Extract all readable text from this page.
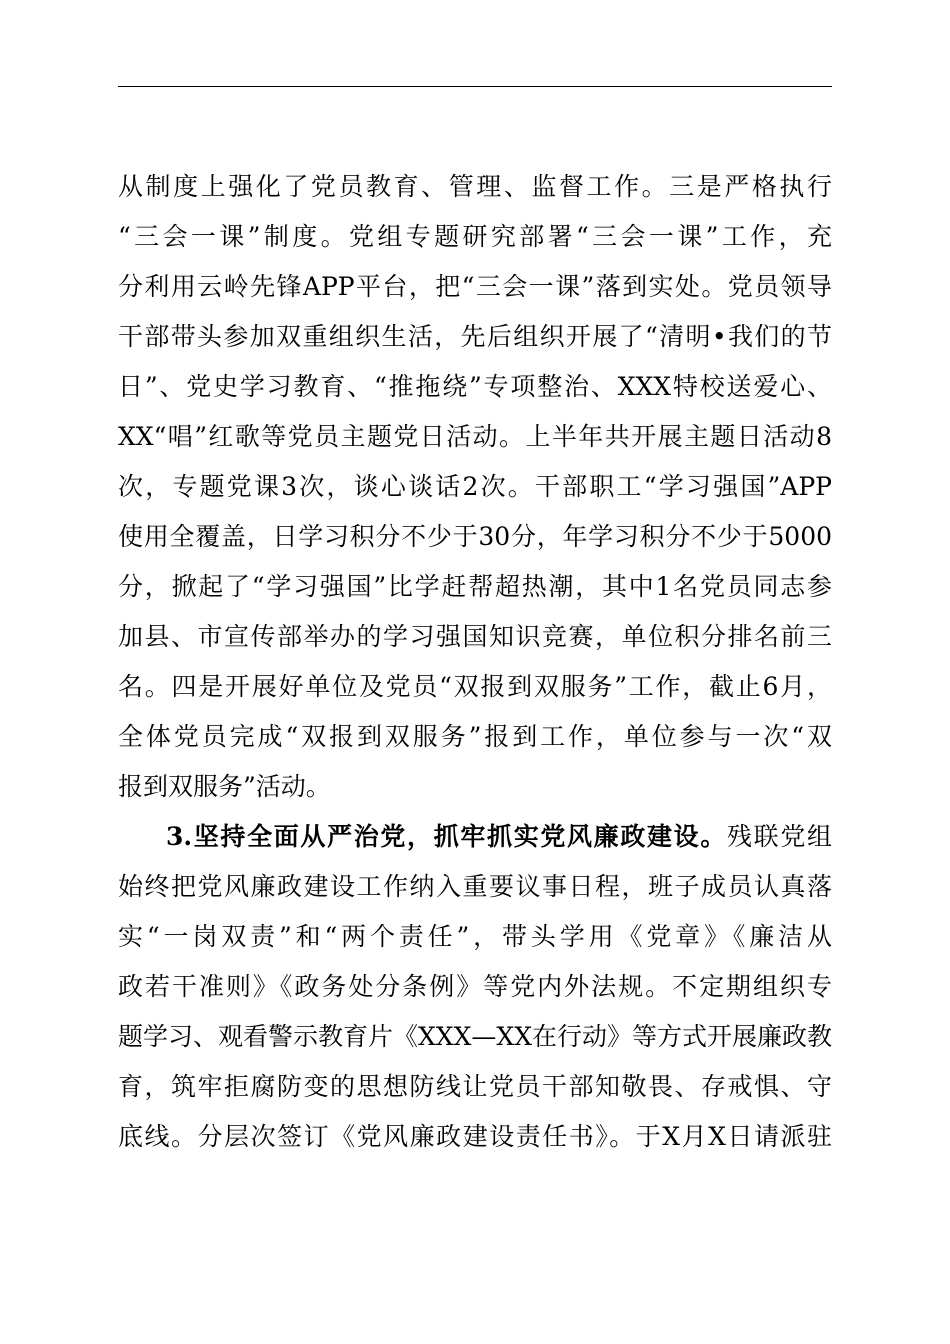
从制度上强化了党员教育、管理、监督工作。三是严格执行
“三会一课”制度。党组专题研究部署“三会一课”工作，充
分利用云岭先锋APP平台，把“三会一课”落到实处。党员领导
干部带头参加双重组织生活，先后组织开展了“清明•我们的节
日”、党史学习教育、“推拖绕”专项整治、XXX特校送爱心、
XX“唱”红歌等党员主题党日活动。上半年共开展主题日活动8
次，专题党课3次，谈心谈话2次。干部职工“学习强国”APP
使用全覆盖，日学习积分不少于30分，年学习积分不少于5000
分，掀起了“学习强国”比学赶帮超热潮，其中1名党员同志参
加县、市宣传部举办的学习强国知识竞赛，单位积分排名前三
名。四是开展好单位及党员“双报到双服务”工作，截止6月，
全体党员完成“双报到双服务”报到工作，单位参与一次“双
报到双服务”活动。
3.坚持全面从严治党，抓牢抓实党风廉政建设。残联党组
始终把党风廉政建设工作纳入重要议事日程，班子成员认真落
实“一岗双责”和“两个责任”，带头学用《党章》《廉洁从
政若干准则》《政务处分条例》等党内外法规。不定期组织专
题学习、观看警示教育片《XXX—XX在行动》等方式开展廉政教
育，筑牢拒腐防变的思想防线让党员干部知敬畏、存戒惧、守
底线。分层次签订《党风廉政建设责任书》。于X月X日请派驻
